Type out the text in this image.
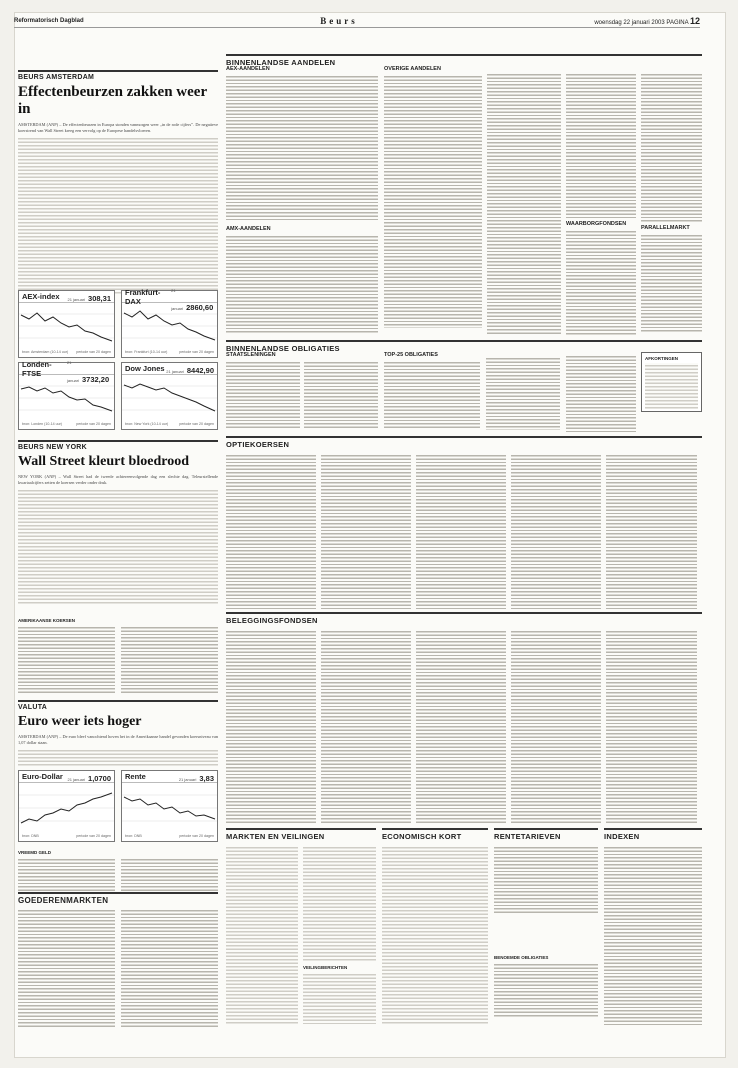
Reformatorisch Dagblad	Beurs	woensdag 22 januari 2003 PAGINA 12
BEURS AMSTERDAM
Effectenbeurzen zakken weer in
AMSTERDAM (ANP) – De effectenbeurzen in Europa stonden vanmorgen weer „in de rode cijfers”. De negatieve koerstrend van Wall Street kreeg een vervolg op de Europese handelsvloeren.
AEX-index 21 januari 308,31
bron: Amsterdam (10-14 uur) periode van 20 dagen
Frankfurt-DAX
21 januari 2860,60
bron: Frankfurt (10-14 uur)	periode van 20 dagen
Londen-FTSE
21 januari 3732,20
bron: Londen (10-14 uur)	periode van 20 dagen
Dow Jones 21 januari 8442,90
bron: New York (10-14 uur)	periode van 20 dagen
BEURS NEW YORK
Wall Street kleurt bloedrood
NEW YORK (ANP) – Wall Street had de tweede achtereenvolgende dag een slechte dag. Teleurstellende kwartaalcijfers zetten de koersen verder onder druk.
AMERIKAANSE KOERSEN
VALUTA
Euro weer iets hoger
AMSTERDAM (ANP) – De euro bleef vanochtend hoven het in de Amerikaanse handel gevonden koersniveau van 1,07 dollar staan.
Euro-Dollar 21 januari 1,0700
bron: DNB	periode van 20 dagen
Rente	21 januari 3,83
bron: DNB	periode van 20 dagen
VREEMD GELD
GOEDERENMARKTEN
BINNENLANDSE AANDELEN
AEX-AANDELEN
AMX-AANDELEN
OVERIGE AANDELEN
WAARBORGFONDSEN
PARALLELMARKT
BINNENLANDSE OBLIGATIES
STAATSLENINGEN	TOP-25 OBLIGATIES
AFKORTINGEN
OPTIEKOERSEN
BELEGGINGSFONDSEN
MARKTEN EN VEILINGEN
VEILINGBERICHTEN
ECONOMISCH KORT	RENTETARIEVEN
BENOEMDE OBLIGATIES
INDEXEN
